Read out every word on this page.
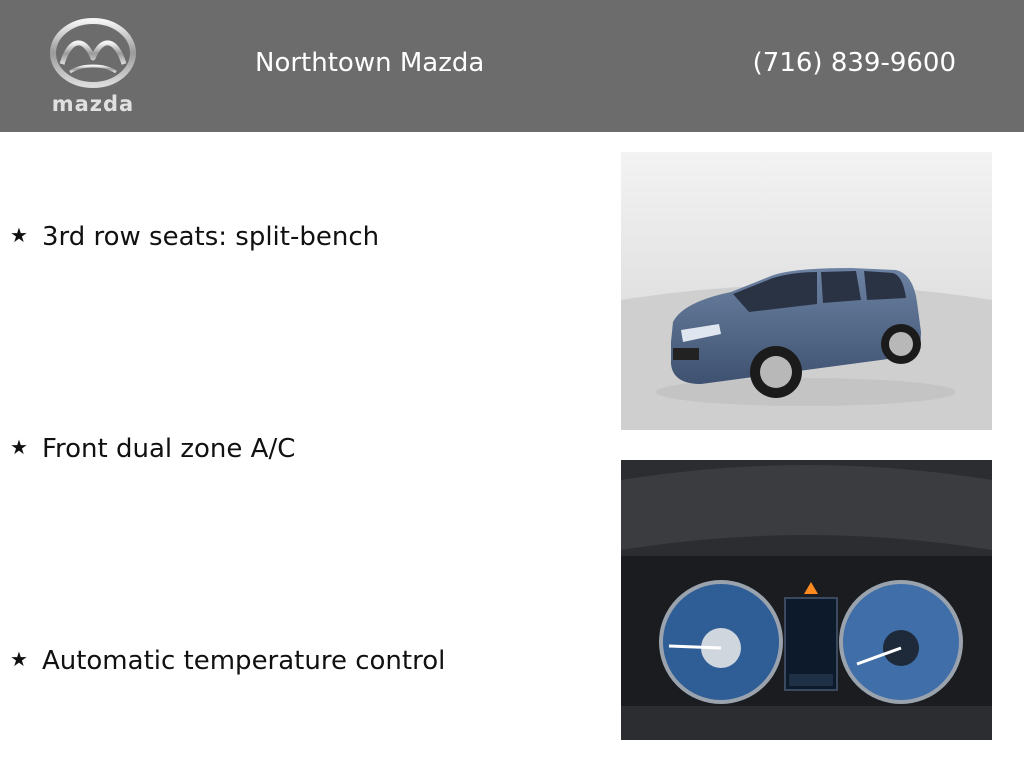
mazda
Northtown Mazda	(716) 839-9600
★ 3rd row seats: split-bench
★ Front dual zone A/C
★ Automatic temperature control
